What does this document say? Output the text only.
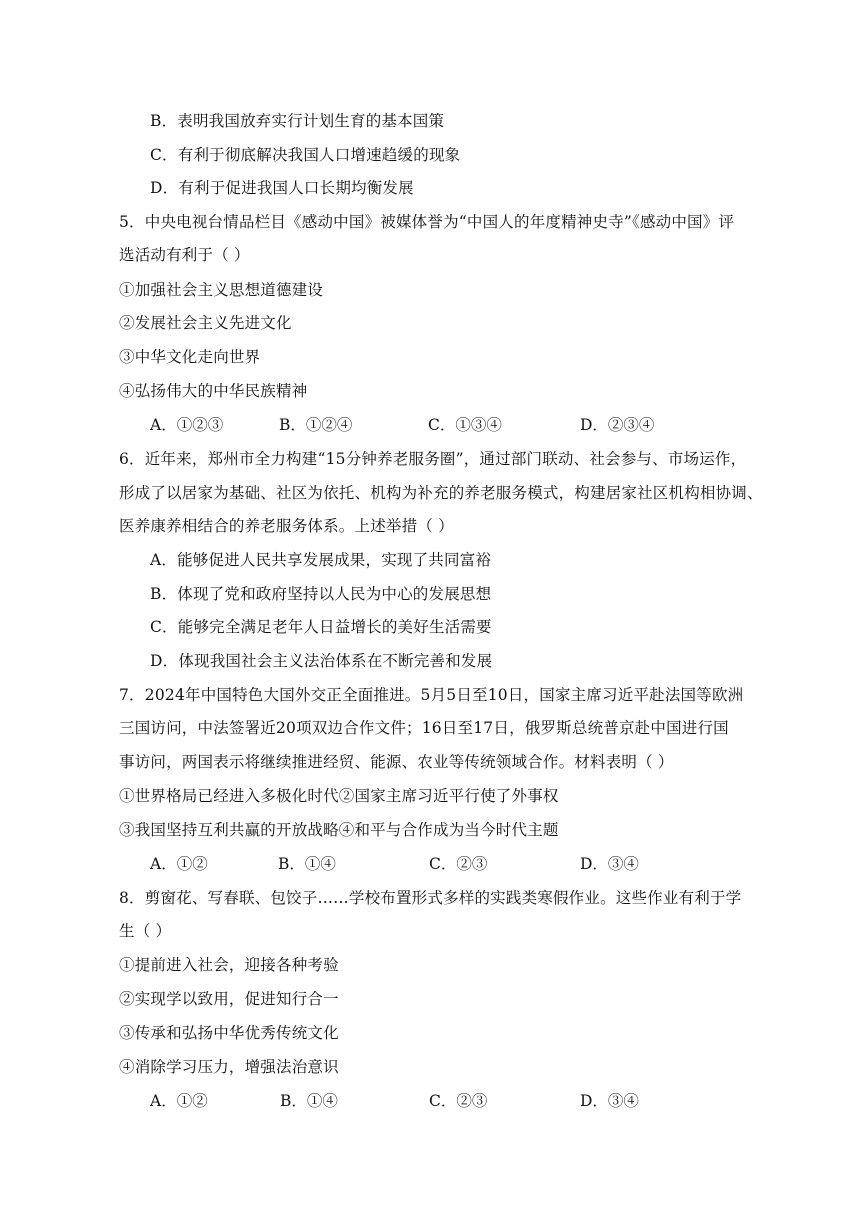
B．表明我国放弃实行计划生育的基本国策
C．有利于彻底解决我国人口增速趋缓的现象
D．有利于促进我国人口长期均衡发展
5．中央电视台情品栏目《感动中国》被媒体誉为“中国人的年度精神史寺”《感动中国》评
选活动有利于（ ）
①加强社会主义思想道德建设
②发展社会主义先进文化
③中华文化走向世界
④弘扬伟大的中华民族精神
A．①②③	B．①②④	C．①③④	D．②③④
6．近年来，郑州市全力构建“15分钟养老服务圈”，通过部门联动、社会参与、市场运作，
形成了以居家为基础、社区为依托、机构为补充的养老服务模式，构建居家社区机构相协调、
医养康养相结合的养老服务体系。上述举措（ ）
A．能够促进人民共享发展成果，实现了共同富裕
B．体现了党和政府坚持以人民为中心的发展思想
C．能够完全满足老年人日益增长的美好生活需要
D．体现我国社会主义法治体系在不断完善和发展
7．2024年中国特色大国外交正全面推进。5月5日至10日，国家主席习近平赴法国等欧洲
三国访问，中法签署近20项双边合作文件；16日至17日，俄罗斯总统普京赴中国进行国
事访问，两国表示将继续推进经贸、能源、农业等传统领域合作。材料表明（ ）
①世界格局已经进入多极化时代②国家主席习近平行使了外事权
③我国坚持互利共赢的开放战略④和平与合作成为当今时代主题
A．①②	B．①④	C．②③	D．③④
8．剪窗花、写春联、包饺子……学校布置形式多样的实践类寒假作业。这些作业有利于学
生（ ）
①提前进入社会，迎接各种考验
②实现学以致用，促进知行合一
③传承和弘扬中华优秀传统文化
④消除学习压力，增强法治意识
A．①②	B．①④	C．②③	D．③④
